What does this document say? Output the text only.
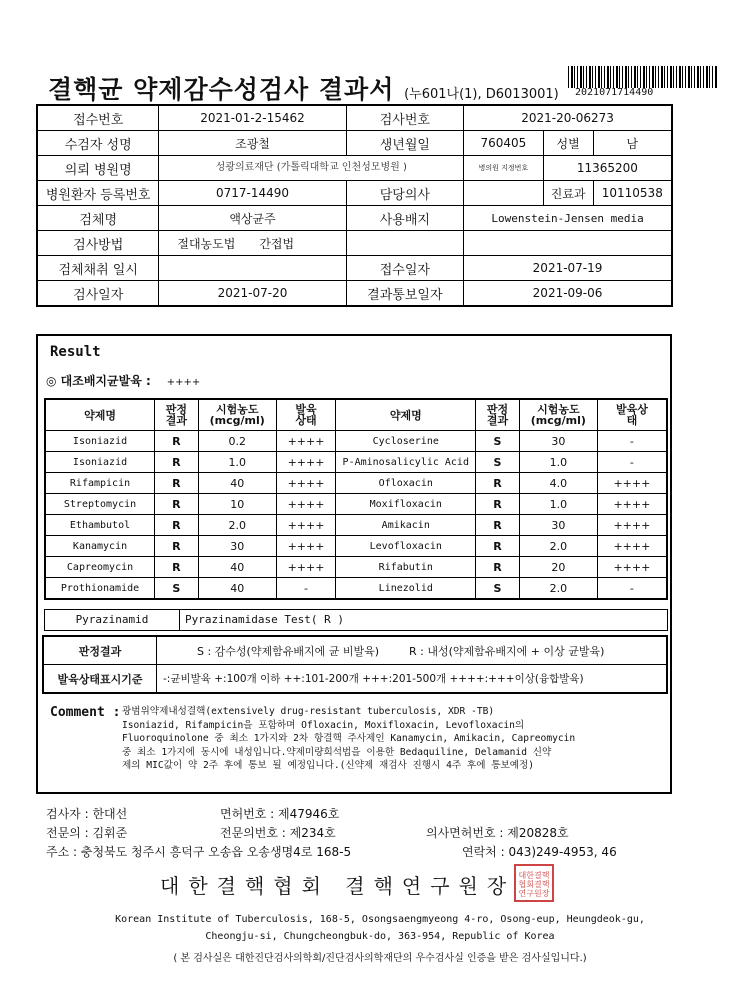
결핵균 약제감수성검사 결과서 (누601나(1), D6013001) 2021071714490
접수번호	2021-01-2-15462	검사번호	2021-20-06273		
수검자 성명	조광철	생년월일	760405	성별	남
의뢰 병원명	성광의료재단 (가톨릭대학교 인천성모병원 )		병의원 지정번호	11365200	
병원환자 등록번호	0717-14490	담당의사		진료과	10110538
검체명	액상균주	사용배지	Lowenstein-Jensen media		
검사방법	절대농도법 간접법				
검체채취 일시		접수일자	2021-07-19		
검사일자	2021-07-20	결과통보일자	2021-09-06		
Result
◎ 대조배지균발육 : ++++
약제명	판정결과	시험농도(mcg/ml)	발육상태	약제명	판정결과	시험농도(mcg/ml)	발육상태
Isoniazid	R	0.2	++++	Cycloserine	S	30	-
Isoniazid	R	1.0	++++	P-Aminosalicylic Acid	S	1.0	-
Rifampicin	R	40	++++	Ofloxacin	R	4.0	++++
Streptomycin	R	10	++++	Moxifloxacin	R	1.0	++++
Ethambutol	R	2.0	++++	Amikacin	R	30	++++
Kanamycin	R	30	++++	Levofloxacin	R	2.0	++++
Capreomycin	R	40	++++	Rifabutin	R	20	++++
Prothionamide	S	40	-	Linezolid	S	2.0	-
Pyrazinamid	Pyrazinamidase Test( R )
판정결과	S : 감수성(약제함유배지에 균 비발육) R : 내성(약제함유배지에 + 이상 균발육)
발육상태표시기준	-:균비발육 +:100개 이하 ++:101-200개 +++:201-500개 ++++:+++이상(융합발육)
Comment : 광범위약제내성결핵(extensively drug-resistant tuberculosis, XDR -TB)
Isoniazid, Rifampicin을 포함하며 Ofloxacin, Moxifloxacin, Levofloxacin의
Fluoroquinolone 중 최소 1가지와 2차 항결핵 주사제인 Kanamycin, Amikacin, Capreomycin
중 최소 1가지에 동시에 내성입니다.약제미량희석법을 이용한 Bedaquiline, Delamanid 신약
제의 MIC값이 약 2주 후에 통보 될 예정입니다.(신약제 재검사 진행시 4주 후에 통보예정)
검사자 : 한대선	면허번호 : 제47946호
전문의 : 김휘준	전문의번호 : 제234호	의사면허번호 : 제20828호
주소 : 충청북도 청주시 흥덕구 오송읍 오송생명4로 168-5	연락처 : 043)249-4953, 46
대한결핵협회 결핵연구원장 대한결핵협회결핵연구원장
Korean Institute of Tuberculosis, 168-5, Osongsaengmyeong 4-ro, Osong-eup, Heungdeok-gu,
Cheongju-si, Chungcheongbuk-do, 363-954, Republic of Korea
( 본 검사실은 대한진단검사의학회/진단검사의학재단의 우수검사실 인증을 받은 검사실입니다.)
